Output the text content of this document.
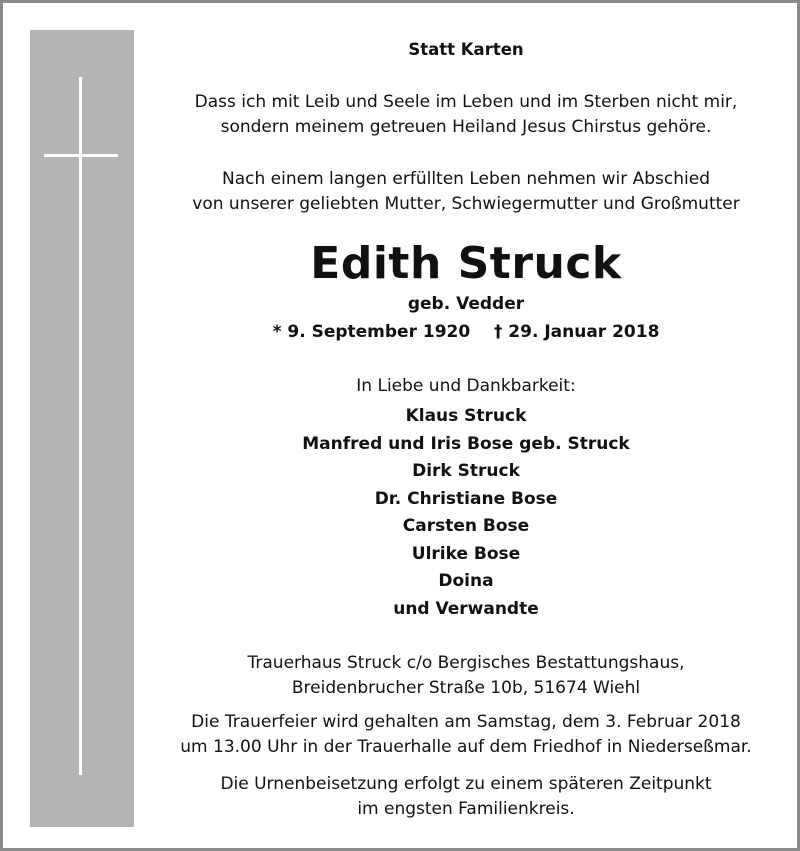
Statt Karten
Dass ich mit Leib und Seele im Leben und im Sterben nicht mir,
sondern meinem getreuen Heiland Jesus Chirstus gehöre.
Nach einem langen erfüllten Leben nehmen wir Abschied
von unserer geliebten Mutter, Schwiegermutter und Großmutter
Edith Struck
geb. Vedder
* 9. September 1920    † 29. Januar 2018
In Liebe und Dankbarkeit:
Klaus Struck
Manfred und Iris Bose geb. Struck
Dirk Struck
Dr. Christiane Bose
Carsten Bose
Ulrike Bose
Doina
und Verwandte
Trauerhaus Struck c/o Bergisches Bestattungshaus,
Breidenbrucher Straße 10b, 51674 Wiehl
Die Trauerfeier wird gehalten am Samstag, dem 3. Februar 2018
um 13.00 Uhr in der Trauerhalle auf dem Friedhof in Niederseßmar.
Die Urnenbeisetzung erfolgt zu einem späteren Zeitpunkt
im engsten Familienkreis.
